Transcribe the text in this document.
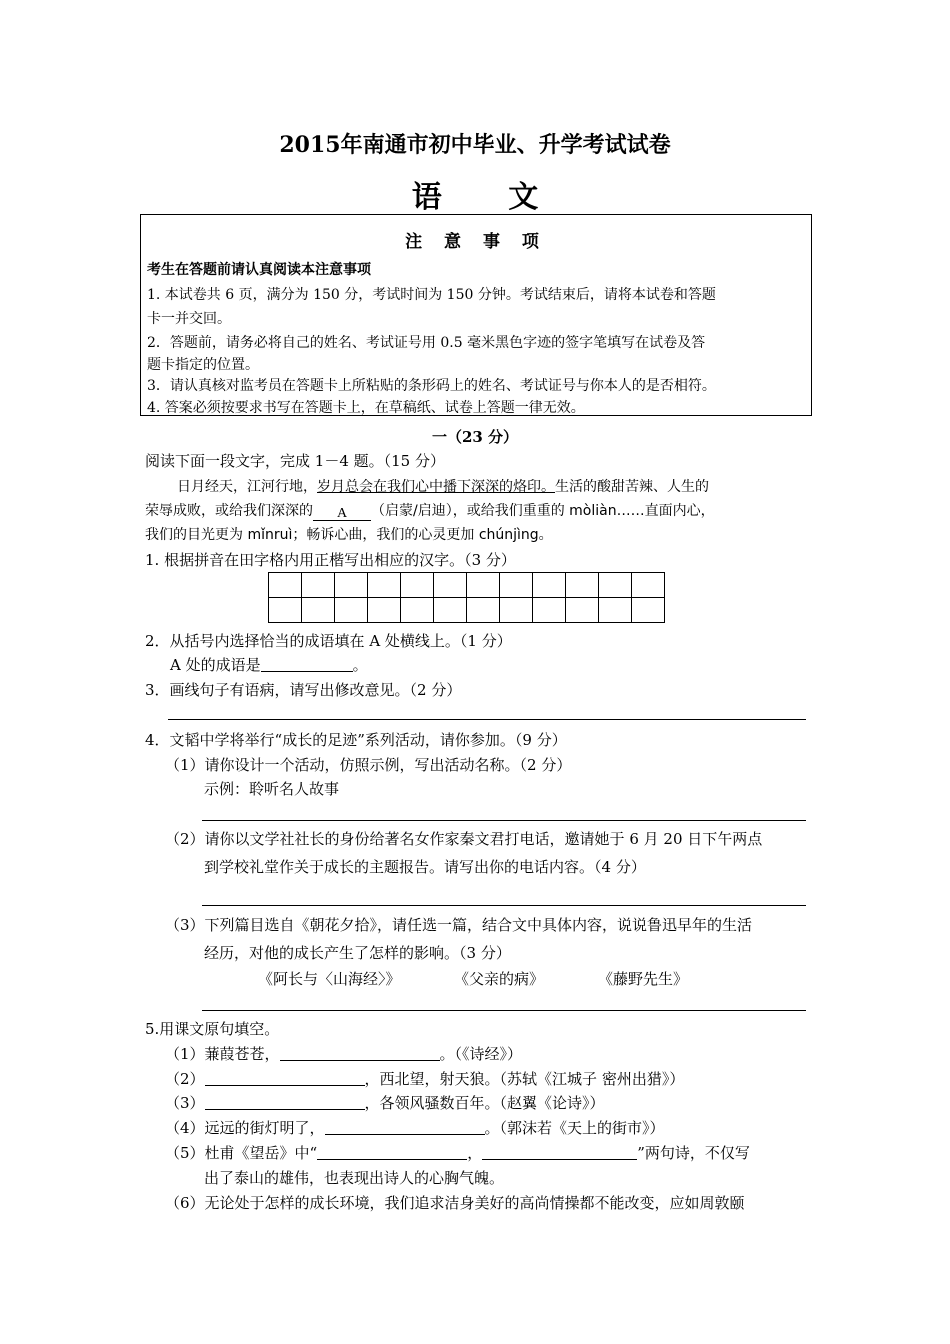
2015年南通市初中毕业、升学考试试卷
语 文
注 意 事 项
考生在答题前请认真阅读本注意事项
1. 本试卷共 6 页，满分为 150 分，考试时间为 150 分钟。考试结束后，请将本试卷和答题
卡一并交回。
2．答题前，请务必将自己的姓名、考试证号用 0.5 毫米黑色字迹的签字笔填写在试卷及答
题卡指定的位置。
3．请认真核对监考员在答题卡上所粘贴的条形码上的姓名、考试证号与你本人的是否相符。
4. 答案必须按要求书写在答题卡上，在草稿纸、试卷上答题一律无效。
一（23 分）
阅读下面一段文字，完成 1－4 题。（15 分）
日月经天，江河行地，岁月总会在我们心中播下深深的烙印。生活的酸甜苦辣、人生的
荣辱成败，或给我们深深的 A （启蒙/启迪），或给我们重重的 mòliàn……直面内心，
我们的目光更为 mǐnruì；畅诉心曲，我们的心灵更加 chúnjìng。
1. 根据拼音在田字格内用正楷写出相应的汉字。（3 分）

2．从括号内选择恰当的成语填在 A 处横线上。（1 分）
A 处的成语是	。
3．画线句子有语病，请写出修改意见。（2 分）
4．文韬中学将举行“成长的足迹”系列活动，请你参加。（9 分）
（1）请你设计一个活动，仿照示例，写出活动名称。（2 分）
示例：聆听名人故事
（2）请你以文学社社长的身份给著名女作家秦文君打电话，邀请她于 6 月 20 日下午两点
到学校礼堂作关于成长的主题报告。请写出你的电话内容。（4 分）
（3）下列篇目选自《朝花夕拾》，请任选一篇，结合文中具体内容，说说鲁迅早年的生活
经历，对他的成长产生了怎样的影响。（3 分）
《阿长与〈山海经〉》	《父亲的病》	《藤野先生》
5.用课文原句填空。
（1）蒹葭苍苍，	。（《诗经》）
（2）	，西北望，射天狼。（苏轼《江城子 密州出猎》）
（3）	，各领风骚数百年。（赵翼《论诗》）
（4）远远的街灯明了，	。（郭沫若《天上的街市》）
（5）杜甫《望岳》中“	，	”两句诗，不仅写
出了泰山的雄伟，也表现出诗人的心胸气魄。
（6）无论处于怎样的成长环境，我们追求洁身美好的高尚情操都不能改变，应如周敦颐
